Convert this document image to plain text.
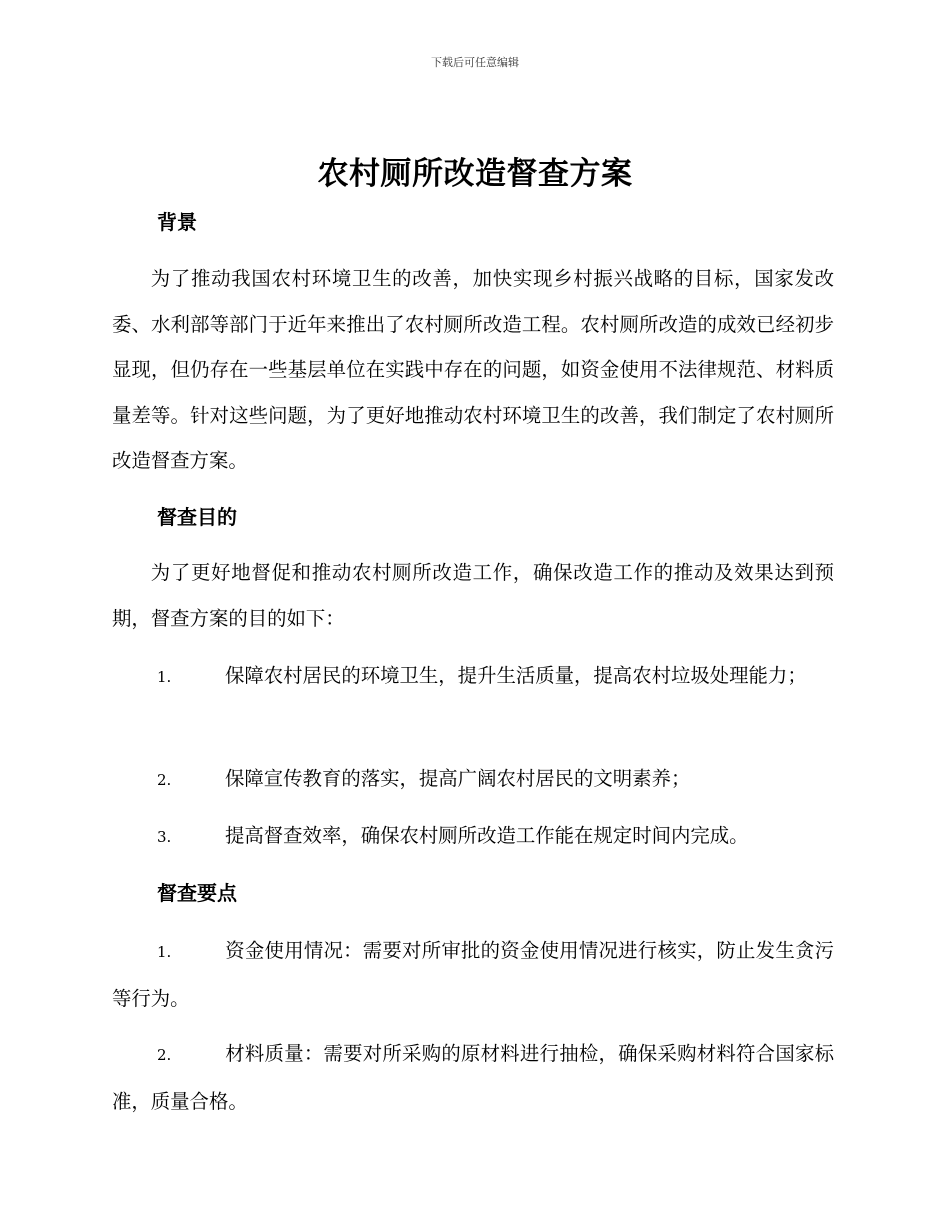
下载后可任意编辑
农村厕所改造督查方案
背景
为了推动我国农村环境卫生的改善，加快实现乡村振兴战略的目标，国家发改委、水利部等部门于近年来推出了农村厕所改造工程。农村厕所改造的成效已经初步显现，但仍存在一些基层单位在实践中存在的问题，如资金使用不法律规范、材料质量差等。针对这些问题，为了更好地推动农村环境卫生的改善，我们制定了农村厕所改造督查方案。
督查目的
为了更好地督促和推动农村厕所改造工作，确保改造工作的推动及效果达到预期，督查方案的目的如下：
1.	保障农村居民的环境卫生，提升生活质量，提高农村垃圾处理能力；
2.	保障宣传教育的落实，提高广阔农村居民的文明素养；
3.	提高督查效率，确保农村厕所改造工作能在规定时间内完成。
督查要点
1.	资金使用情况：需要对所审批的资金使用情况进行核实，防止发生贪污等行为。
2.	材料质量：需要对所采购的原材料进行抽检，确保采购材料符合国家标准，质量合格。
